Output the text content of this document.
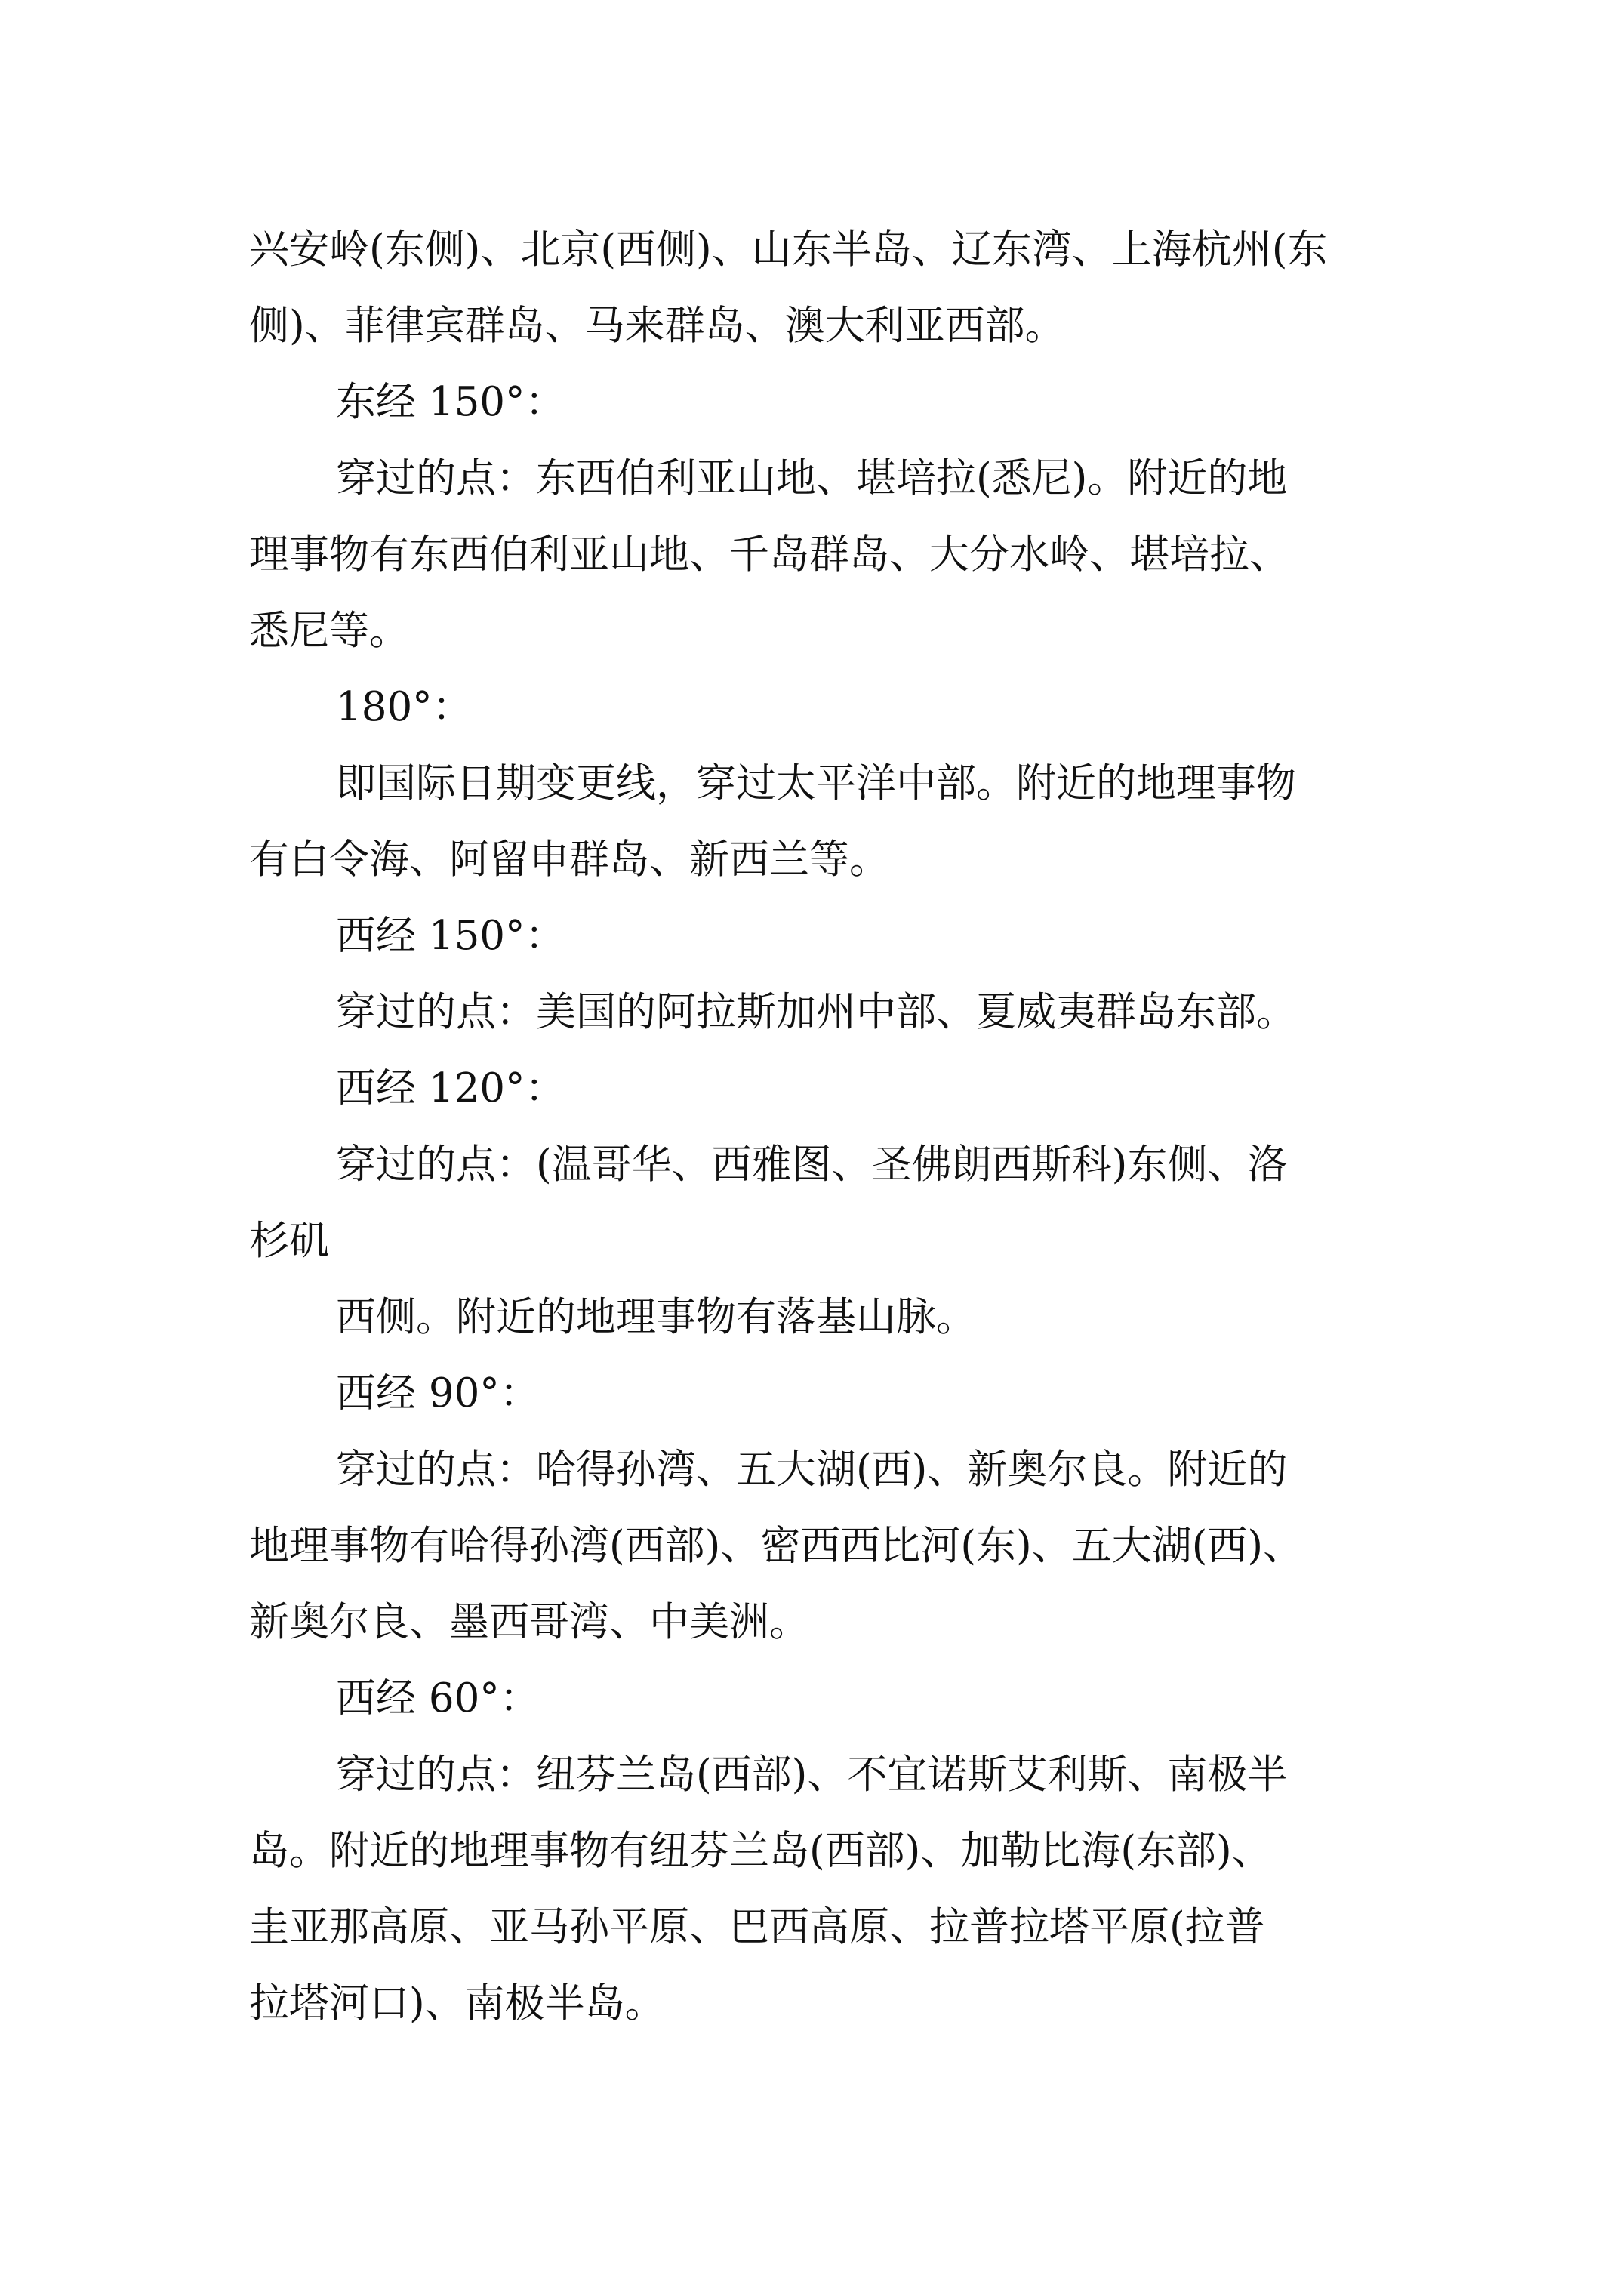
兴安岭(东侧)、北京(西侧)、山东半岛、辽东湾、上海杭州(东
侧)、菲律宾群岛、马来群岛、澳大利亚西部。
东经 150°：
穿过的点：东西伯利亚山地、堪培拉(悉尼)。附近的地
理事物有东西伯利亚山地、千岛群岛、大分水岭、堪培拉、
悉尼等。
180°：
即国际日期变更线，穿过太平洋中部。附近的地理事物
有白令海、阿留申群岛、新西兰等。
西经 150°：
穿过的点：美国的阿拉斯加州中部、夏威夷群岛东部。
西经 120°：
穿过的点：(温哥华、西雅图、圣佛朗西斯科)东侧、洛
杉矶
西侧。附近的地理事物有落基山脉。
西经 90°：
穿过的点：哈得孙湾、五大湖(西)、新奥尔良。附近的
地理事物有哈得孙湾(西部)、密西西比河(东)、五大湖(西)、
新奥尔良、墨西哥湾、中美洲。
西经 60°：
穿过的点：纽芬兰岛(西部)、不宜诺斯艾利斯、南极半
岛。附近的地理事物有纽芬兰岛(西部)、加勒比海(东部)、
圭亚那高原、亚马孙平原、巴西高原、拉普拉塔平原(拉普
拉塔河口)、南极半岛。
